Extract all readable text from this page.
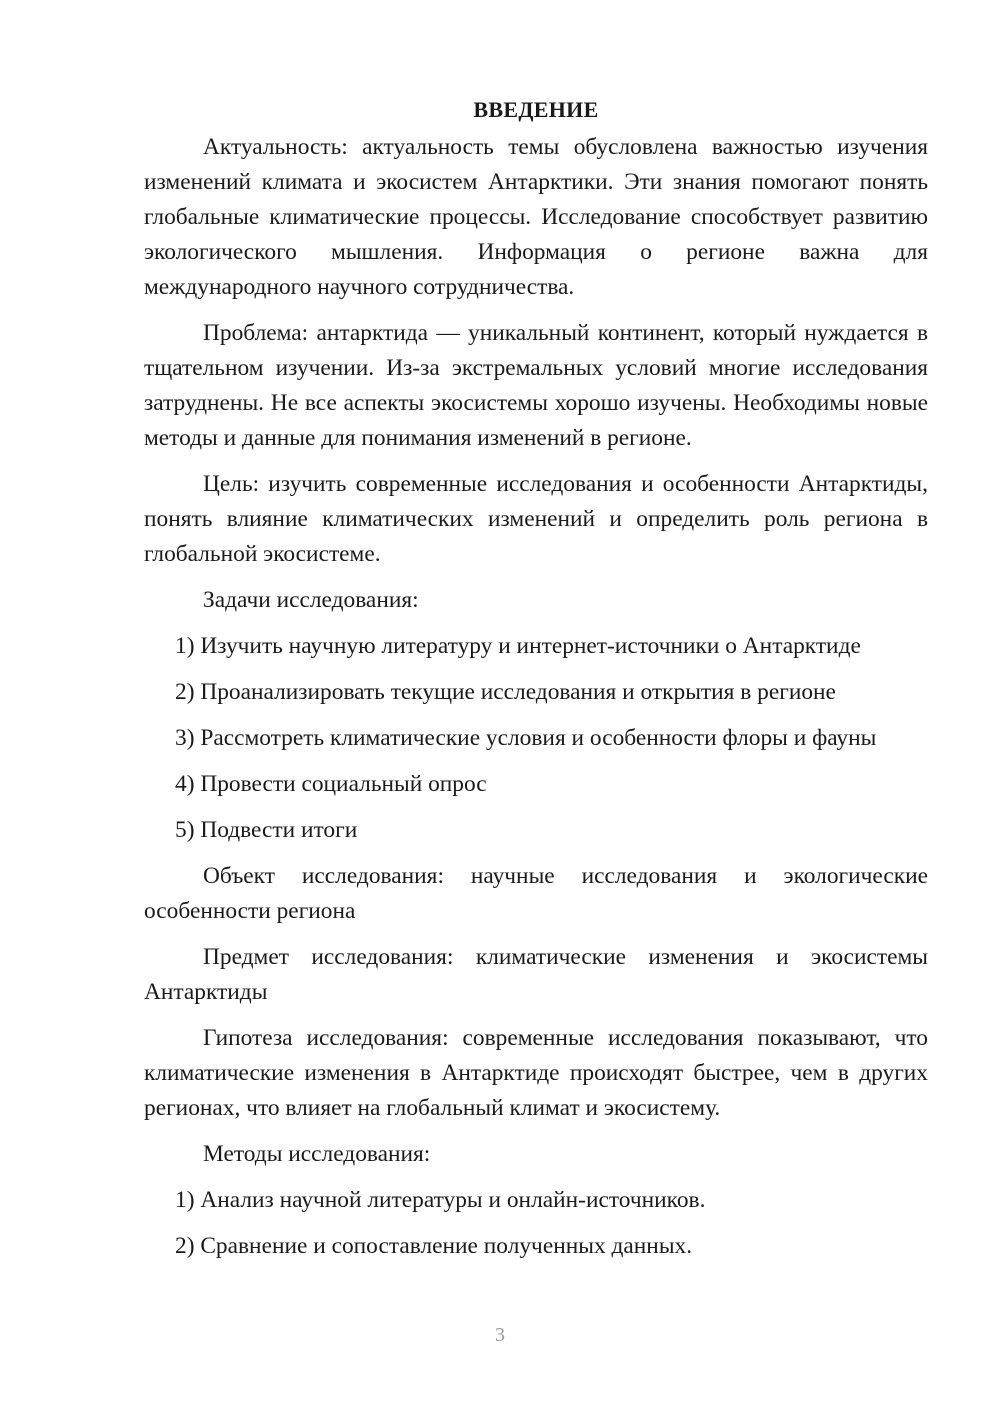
ВВЕДЕНИЕ

Актуальность: актуальность темы обусловлена важностью изучения изменений климата и экосистем Антарктики. Эти знания помогают понять глобальные климатические процессы. Исследование способствует развитию экологического мышления. Информация о регионе важна для международного научного сотрудничества.

Проблема: антарктида — уникальный континент, который нуждается в тщательном изучении. Из-за экстремальных условий многие исследования затруднены. Не все аспекты экосистемы хорошо изучены. Необходимы новые методы и данные для понимания изменений в регионе.

Цель: изучить современные исследования и особенности Антарктиды, понять влияние климатических изменений и определить роль региона в глобальной экосистеме.

Задачи исследования:

1) Изучить научную литературу и интернет-источники о Антарктиде
2) Проанализировать текущие исследования и открытия в регионе
3) Рассмотреть климатические условия и особенности флоры и фауны
4) Провести социальный опрос
5) Подвести итоги

Объект исследования: научные исследования и экологические особенности региона

Предмет исследования: климатические изменения и экосистемы Антарктиды

Гипотеза исследования: современные исследования показывают, что климатические изменения в Антарктиде происходят быстрее, чем в других регионах, что влияет на глобальный климат и экосистему.

Методы исследования:

1) Анализ научной литературы и онлайн-источников.
2) Сравнение и сопоставление полученных данных.
3
